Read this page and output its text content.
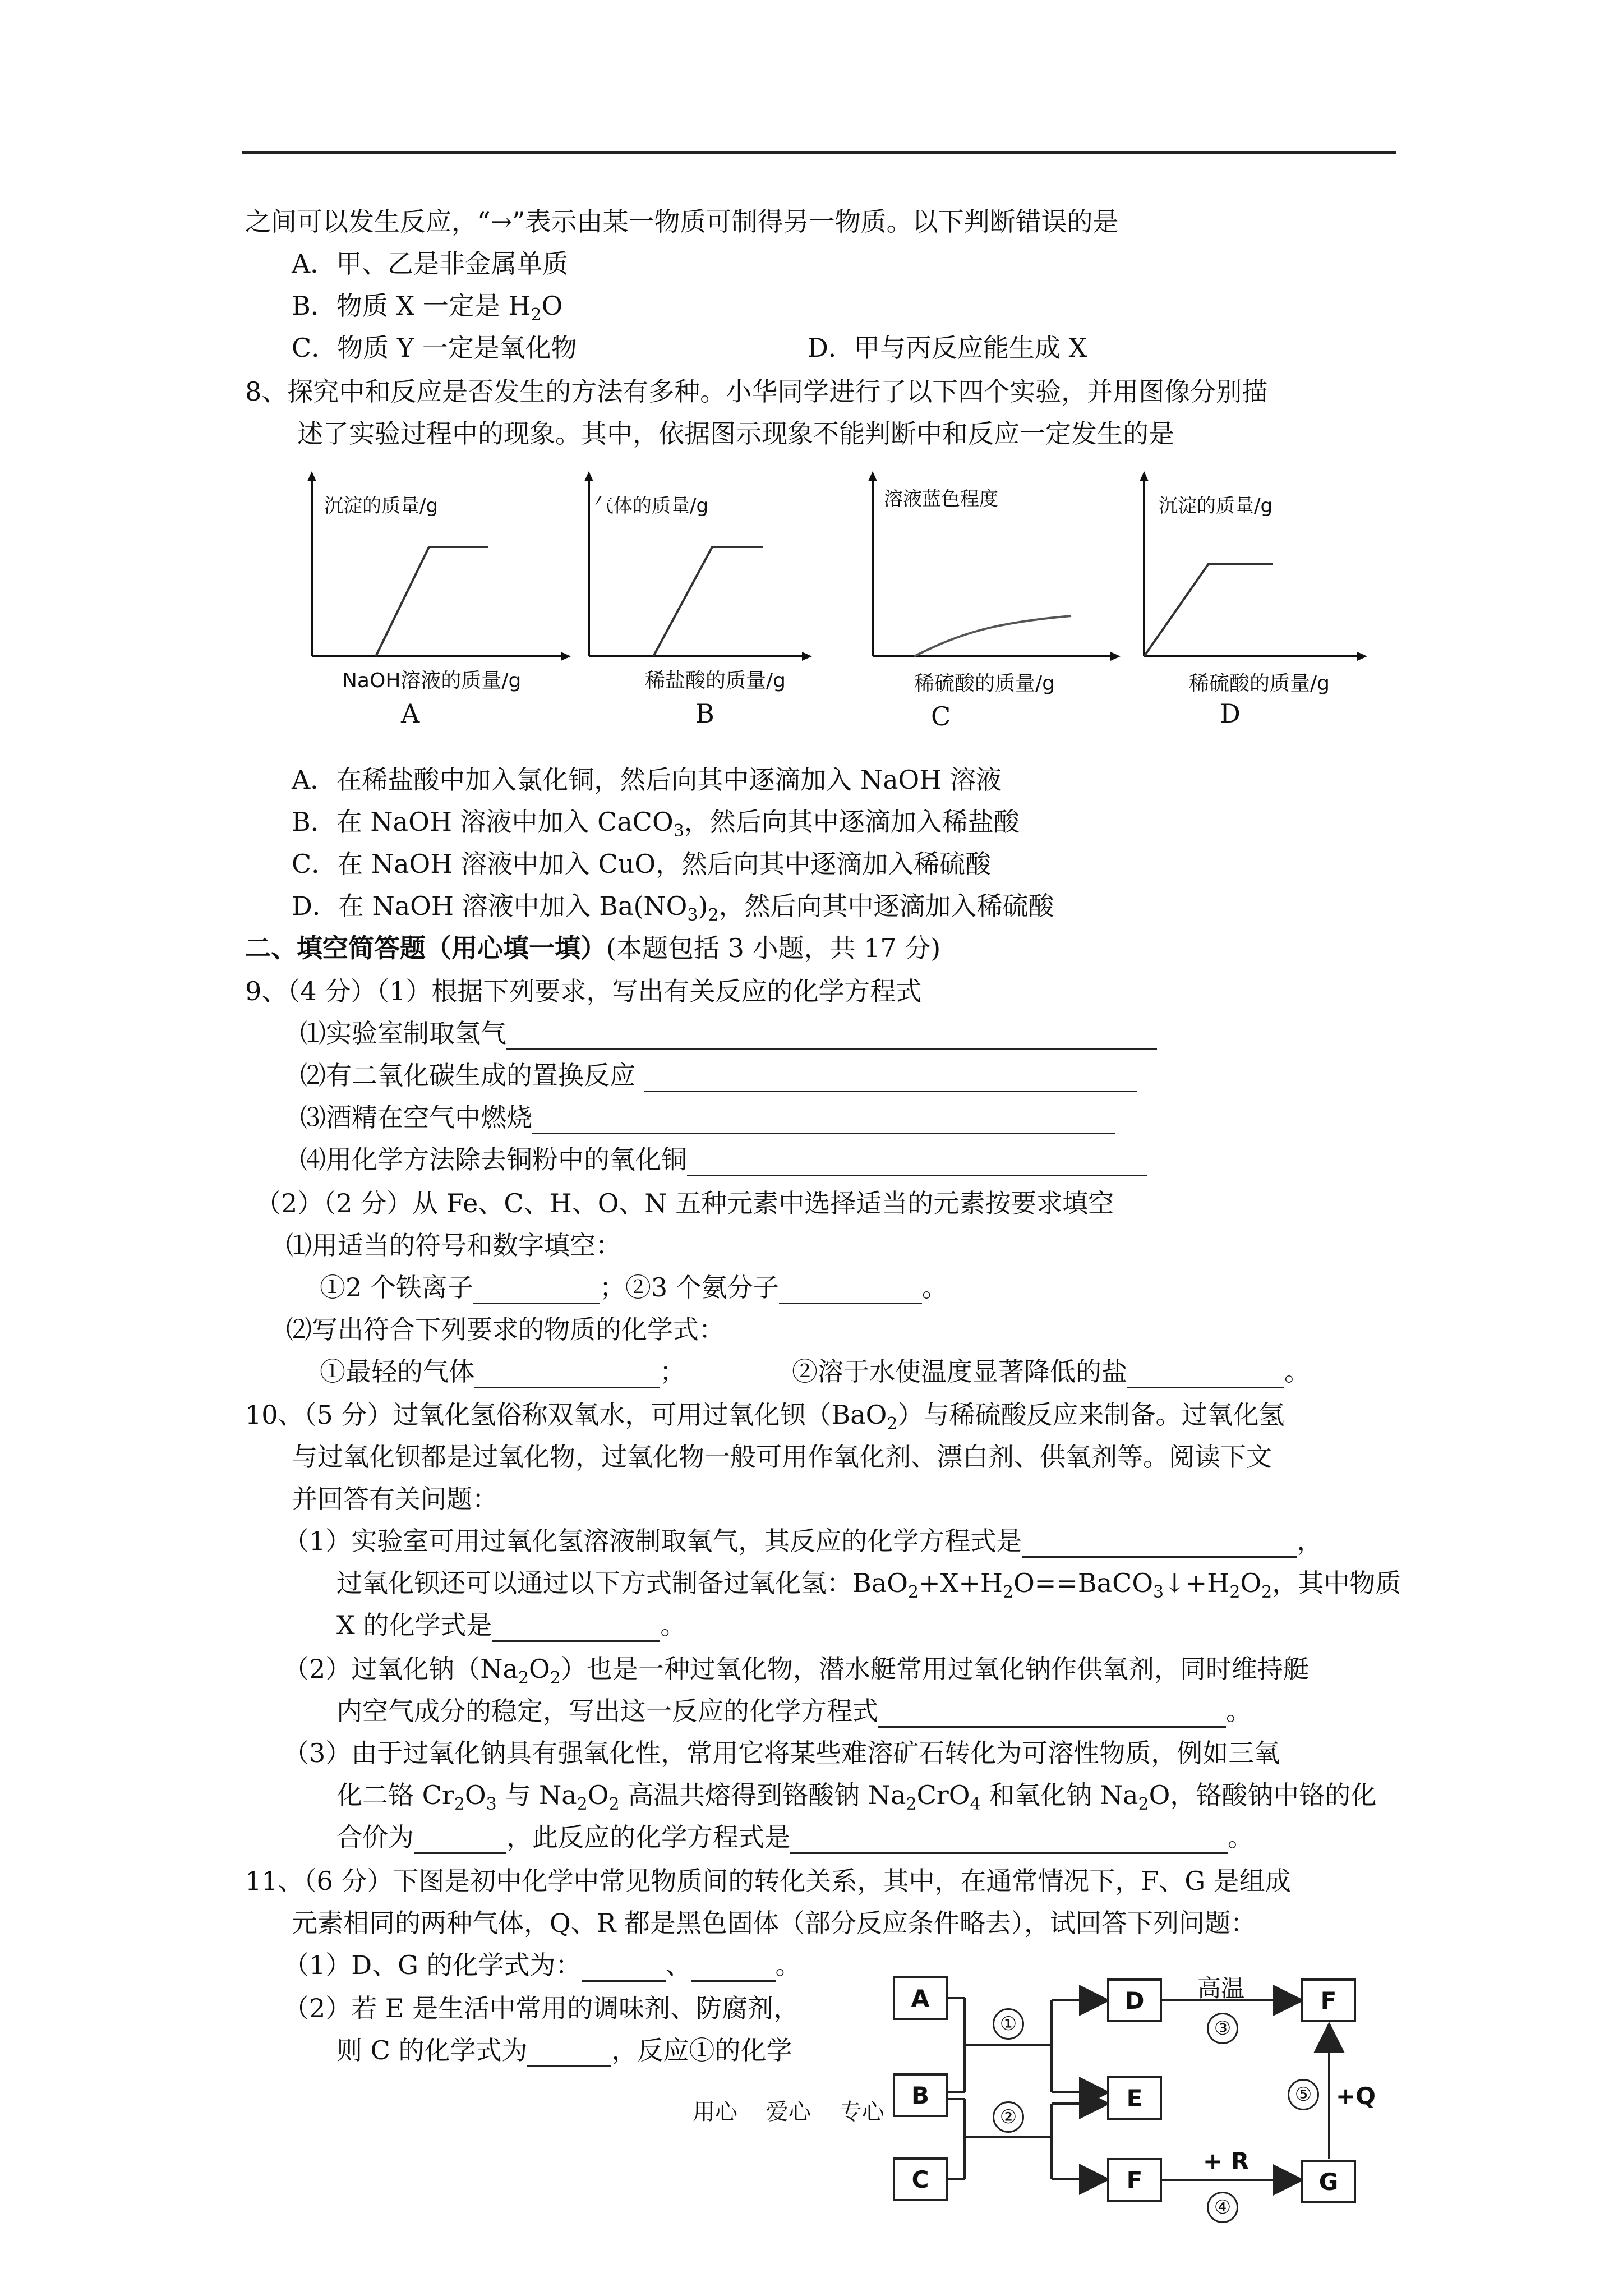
之间可以发生反应，“→”表示由某一物质可制得另一物质。以下判断错误的是
A．甲、乙是非金属单质
B．物质 X 一定是 $H_2O$
C．物质 Y 一定是氧化物	D．甲与丙反应能生成 X
8、探究中和反应是否发生的方法有多种。小华同学进行了以下四个实验，并用图像分别描
述了实验过程中的现象。其中，依据图示现象不能判断中和反应一定发生的是
沉淀的质量/g
NaOH溶液的质量/g
A
气体的质量/g
稀盐酸的质量/g
B
溶液蓝色程度
稀硫酸的质量/g
C
沉淀的质量/g
稀硫酸的质量/g
D
A．在稀盐酸中加入氯化铜，然后向其中逐滴加入 NaOH 溶液
B．在 NaOH 溶液中加入 CaCO$_3$，然后向其中逐滴加入稀盐酸
C．在 NaOH 溶液中加入 CuO，然后向其中逐滴加入稀硫酸
D．在 NaOH 溶液中加入 $Ba(NO_3)_2$，然后向其中逐滴加入稀硫酸
二、填空简答题（用心填一填）(本题包括 3 小题，共 17 分)
9、（4 分）（1）根据下列要求，写出有关反应的化学方程式
⑴实验室制取氢气
⑵有二氧化碳生成的置换反应
⑶酒精在空气中燃烧
⑷用化学方法除去铜粉中的氧化铜
（2）（2 分）从 Fe、C、H、O、N 五种元素中选择适当的元素按要求填空
⑴用适当的符号和数字填空：
①2 个铁离子	；②3 个氨分子	。
⑵写出符合下列要求的物质的化学式：
①最轻的气体	；	②溶于水使温度显著降低的盐	。
10、（5 分）过氧化氢俗称双氧水，可用过氧化钡（BaO$_2$）与稀硫酸反应来制备。过氧化氢
与过氧化钡都是过氧化物，过氧化物一般可用作氧化剂、漂白剂、供氧剂等。阅读下文
并回答有关问题：
（1）实验室可用过氧化氢溶液制取氧气，其反应的化学方程式是	，
过氧化钡还可以通过以下方式制备过氧化氢：$BaO_2+X+H_2O==BaCO_3↓+H_2O_2$，其中物质
X 的化学式是	。
（2）过氧化钠$(Na_2O_2)$也是一种过氧化物，潜水艇常用过氧化钠作供氧剂，同时维持艇
内空气成分的稳定，写出这一反应的化学方程式	。
（3）由于过氧化钠具有强氧化性，常用它将某些难溶矿石转化为可溶性物质，例如三氧
化二铬 $Cr_2O_3$ 与 $Na_2O_2$ 高温共熔得到铬酸钠 $Na_2CrO_4$ 和氧化钠 $Na_2O$，铬酸钠中铬的化
合价为	，此反应的化学方程式是	。
11、（6 分）下图是初中化学中常见物质间的转化关系，其中，在通常情况下，F、G 是组成
元素相同的两种气体，Q、R 都是黑色固体（部分反应条件略去），试回答下列问题：
（1）D、G 的化学式为：	、	。
（2）若 E 是生活中常用的调味剂、防腐剂，
则 C 的化学式为	，反应①的化学
A
B
C
D
E
F
F
G
①
②
③
④
⑤
高温
+ R
+Q
用心    爱心    专心
